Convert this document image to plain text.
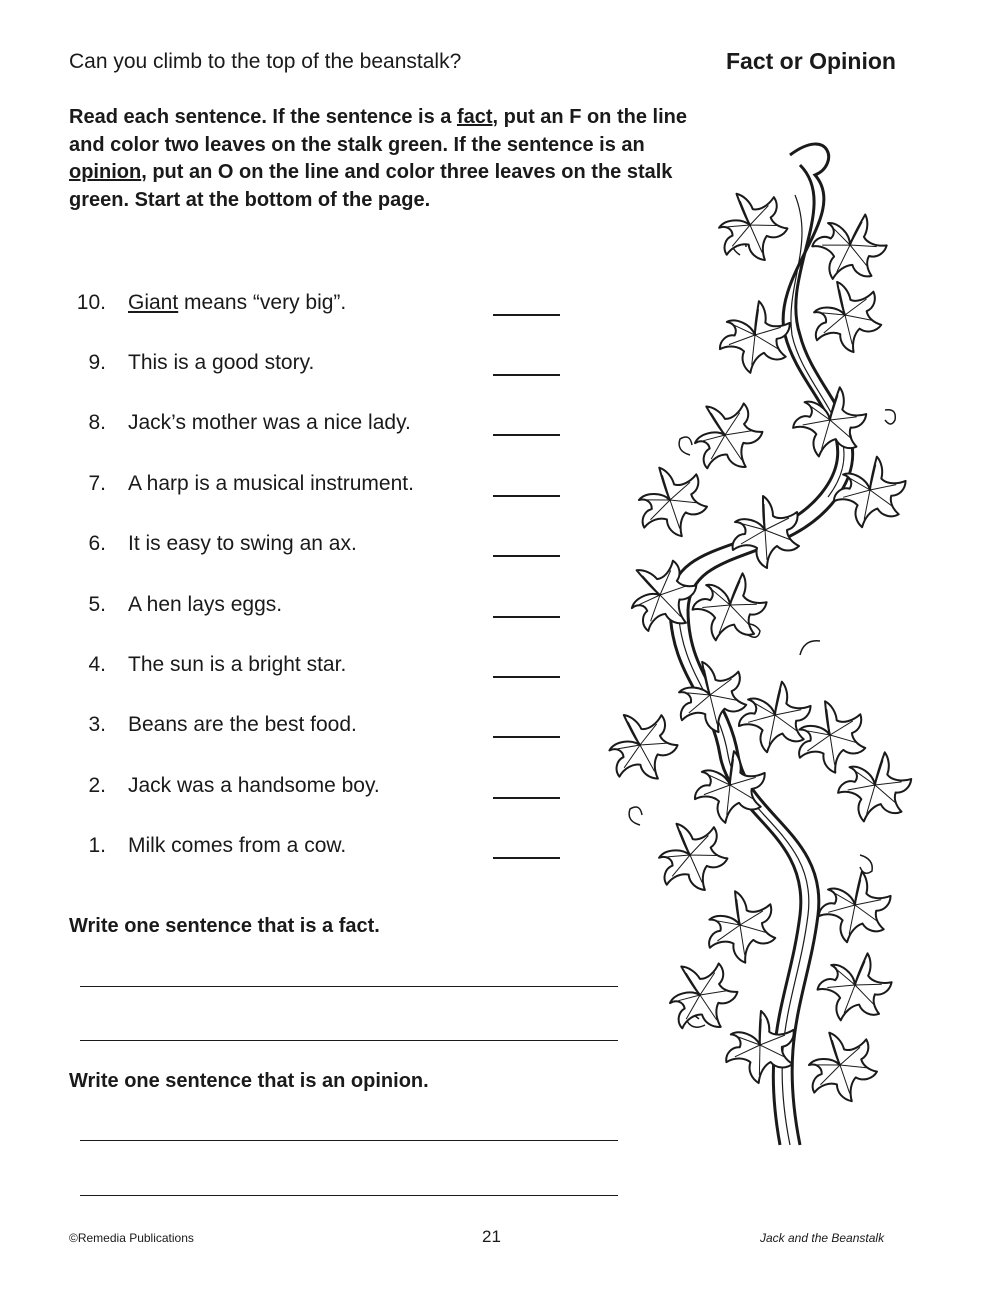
Can you climb to the top of the beanstalk?	Fact or Opinion
Read each sentence. If the sentence is a fact, put an F on the line and color two leaves on the stalk green. If the sentence is an opinion, put an O on the line and color three leaves on the stalk green. Start at the bottom of the page.
10. Giant means “very big”.
9. This is a good story.
8. Jack’s mother was a nice lady.
7. A harp is a musical instrument.
6. It is easy to swing an ax.
5. A hen lays eggs.
4. The sun is a bright star.
3. Beans are the best food.
2. Jack was a handsome boy.
1. Milk comes from a cow.
Write one sentence that is a fact.
Write one sentence that is an opinion.
©Remedia Publications	21	Jack and the Beanstalk
